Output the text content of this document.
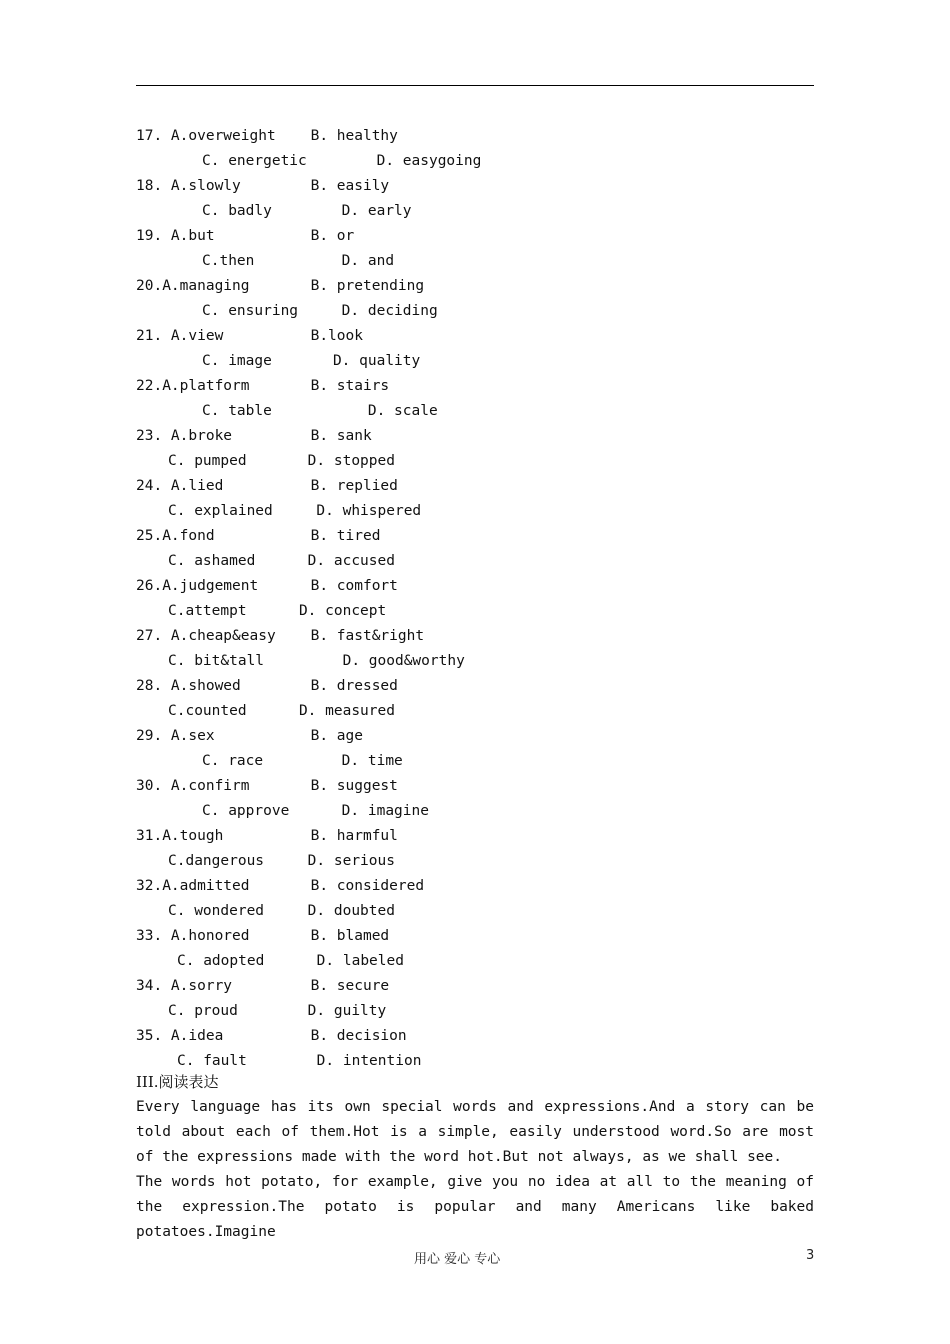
17. A.overweight    B. healthy
C. energetic        D. easygoing
18. A.slowly        B. easily
C. badly        D. early
19. A.but           B. or
C.then          D. and
20.A.managing       B. pretending
C. ensuring     D. deciding
21. A.view          B.look
C. image       D. quality
22.A.platform       B. stairs
C. table           D. scale
23. A.broke         B. sank
C. pumped       D. stopped
24. A.lied          B. replied
C. explained     D. whispered
25.A.fond           B. tired
C. ashamed      D. accused
26.A.judgement      B. comfort
C.attempt      D. concept
27. A.cheap&easy    B. fast&right
C. bit&tall         D. good&worthy
28. A.showed        B. dressed
C.counted      D. measured
29. A.sex           B. age
C. race         D. time
30. A.confirm       B. suggest
C. approve      D. imagine
31.A.tough          B. harmful
C.dangerous     D. serious
32.A.admitted       B. considered
C. wondered     D. doubted
33. A.honored       B. blamed
C. adopted      D. labeled
34. A.sorry         B. secure
C. proud        D. guilty
35. A.idea          B. decision
C. fault        D. intention
III.阅读表达
Every language has its own special words and expressions.And a story can be told about each of them.Hot is a simple, easily understood word.So are most of the expressions made with the word hot.But not always, as we shall see.
The words hot potato, for example, give you no idea at all to the meaning of the expression.The potato is popular and many Americans like baked potatoes.Imagine
用心 爱心 专心	3
